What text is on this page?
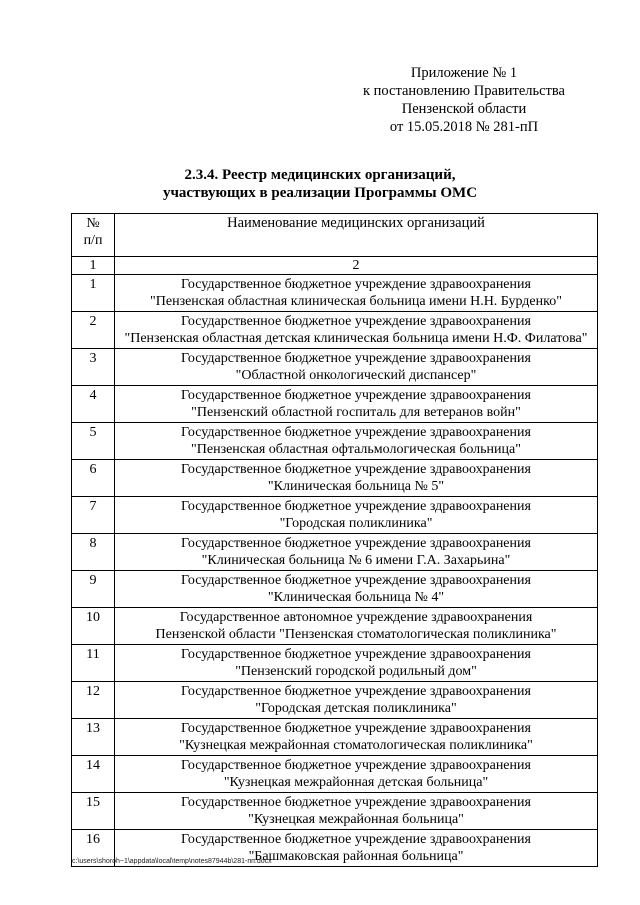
Приложение № 1
к постановлению Правительства
Пензенской области
от 15.05.2018 № 281-пП
2.3.4. Реестр медицинских организаций,
участвующих в реализации Программы ОМС
№
п/п	Наименование медицинских организаций
1	2
1	Государственное бюджетное учреждение здравоохранения
"Пензенская областная клиническая больница имени Н.Н. Бурденко"

2	Государственное бюджетное учреждение здравоохранения
"Пензенская областная детская клиническая больница имени Н.Ф. Филатова"

3	Государственное бюджетное учреждение здравоохранения
"Областной онкологический диспансер"

4	Государственное бюджетное учреждение здравоохранения
"Пензенский областной госпиталь для ветеранов войн"

5	Государственное бюджетное учреждение здравоохранения
"Пензенская областная офтальмологическая больница"

6	Государственное бюджетное учреждение здравоохранения
"Клиническая больница № 5"

7	Государственное бюджетное учреждение здравоохранения
"Городская поликлиника"

8	Государственное бюджетное учреждение здравоохранения
"Клиническая больница № 6 имени Г.А. Захарьина"

9	Государственное бюджетное учреждение здравоохранения
"Клиническая больница № 4"

10	Государственное автономное учреждение здравоохранения
Пензенской области "Пензенская стоматологическая поликлиника"

11	Государственное бюджетное учреждение здравоохранения
"Пензенский городской родильный дом"

12	Государственное бюджетное учреждение здравоохранения
"Городская детская поликлиника"

13	Государственное бюджетное учреждение здравоохранения
"Кузнецкая межрайонная стоматологическая поликлиника"

14	Государственное бюджетное учреждение здравоохранения
"Кузнецкая межрайонная детская больница"

15	Государственное бюджетное учреждение здравоохранения
"Кузнецкая межрайонная больница"

16	Государственное бюджетное учреждение здравоохранения
"Башмаковская районная больница"
c:\users\shoroh~1\appdata\local\temp\notes87944b\281-пп.docx
